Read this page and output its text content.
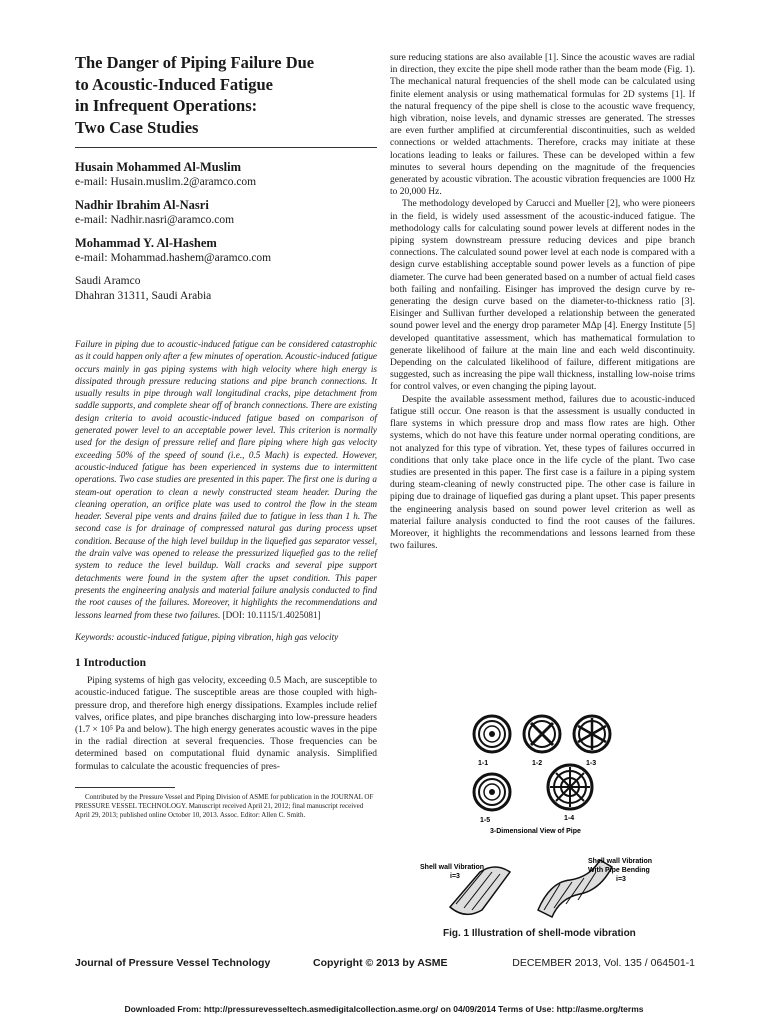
The Danger of Piping Failure Due
to Acoustic-Induced Fatigue
in Infrequent Operations:
Two Case Studies
Husain Mohammed Al-Muslim
e-mail: Husain.muslim.2@aramco.com
Nadhir Ibrahim Al-Nasri
e-mail: Nadhir.nasri@aramco.com
Mohammad Y. Al-Hashem
e-mail: Mohammad.hashem@aramco.com
Saudi Aramco
Dhahran 31311, Saudi Arabia

Failure in piping due to acoustic-induced fatigue can be considered catastrophic as it could happen only after a few minutes of operation. Acoustic-induced fatigue occurs mainly in gas piping systems with high velocity where high energy is dissipated through pressure reducing stations and pipe branch connections. It usually results in pipe through wall longitudinal cracks, pipe detachment from saddle supports, and complete shear off of branch connections. There are existing design criteria to avoid acoustic-induced fatigue based on comparison of generated power level to an acceptable power level. This criterion is normally used for the design of pressure relief and flare piping where high gas velocity exceeding 50% of the speed of sound (i.e., 0.5 Mach) is expected. However, acoustic-induced fatigue has been experienced in systems due to intermittent operations. Two case studies are presented in this paper. The first one is during a steam-out operation to clean a newly constructed steam header. During the cleaning operation, an orifice plate was used to control the flow in the steam header. Several pipe vents and drains failed due to fatigue in less than 1 h. The second case is for drainage of compressed natural gas during process upset condition. Because of the high level buildup in the liquefied gas separator vessel, the drain valve was opened to release the pressurized liquefied gas to the relief system to reduce the level buildup. Wall cracks and several pipe support detachments were found in the system after the upset condition. This paper presents the engineering analysis and material failure analysis conducted to find the root causes of the failures. Moreover, it highlights the recommendations and lessons learned from these two failures. [DOI: 10.1115/1.4025081]

Keywords: acoustic-induced fatigue, piping vibration, high gas velocity

1 Introduction

Piping systems of high gas velocity, exceeding 0.5 Mach, are susceptible to acoustic-induced fatigue. The susceptible areas are those coupled with high-pressure drop, and therefore high energy dissipations. Examples include relief valves, orifice plates, and pipe branches discharging into low-pressure headers (1.7 × 10⁵ Pa and below). The high energy generates acoustic waves in the pipe in the radial direction at several frequencies. Those frequencies can be determined based on computational fluid dynamic analysis. Simplified formulas to calculate the acoustic frequencies of pres-

Contributed by the Pressure Vessel and Piping Division of ASME for publication in the JOURNAL OF PRESSURE VESSEL TECHNOLOGY. Manuscript received April 21, 2012; final manuscript received April 29, 2013; published online October 10, 2013. Assoc. Editor: Allen C. Smith.

sure reducing stations are also available [1]. Since the acoustic waves are radial in direction, they excite the pipe shell mode rather than the beam mode (Fig. 1). The mechanical natural frequencies of the shell mode can be calculated using finite element analysis or using mathematical formulas for 2D systems [1]. If the natural frequency of the pipe shell is close to the acoustic wave frequency, high vibration, noise levels, and dynamic stresses are generated. The stresses are even further amplified at circumferential discontinuities, such as welded connections or welded attachments. Therefore, cracks may initiate at these locations leading to leaks or failures. These can be developed within a few minutes to several hours depending on the magnitude of the frequencies generated by acoustic vibration. The acoustic vibration frequencies are 1000 Hz to 20,000 Hz.

The methodology developed by Carucci and Mueller [2], who were pioneers in the field, is widely used assessment of the acoustic-induced fatigue. The methodology calls for calculating sound power levels at different nodes in the piping system downstream pressure reducing devices and pipe branch connections. The calculated sound power level at each node is compared with a design curve establishing acceptable sound power levels as a function of pipe diameter. The curve had been generated based on a number of actual field cases both failing and nonfailing. Eisinger has improved the design curve by re-generating the design curve based on the diameter-to-thickness ratio [3]. Eisinger and Sullivan further developed a relationship between the generated sound power level and the energy drop parameter MΔp [4]. Energy Institute [5] developed quantitative assessment, which has mathematical formulation to generate likelihood of failure at the main line and each weld discontinuity. Depending on the calculated likelihood of failure, different mitigations are suggested, such as increasing the pipe wall thickness, installing low-noise trims for control valves, or even changing the piping layout.

Despite the available assessment method, failures due to acoustic-induced fatigue still occur. One reason is that the assessment is usually conducted in flare systems in which pressure drop and mass flow rates are high. Other systems, which do not have this feature under normal operating conditions, are not analyzed for this type of vibration. Yet, these types of failures occurred in conditions that only take place once in the life cycle of the plant. Two case studies are presented in this paper. The first case is a failure in a piping system during steam-cleaning of newly constructed pipe. The other case is failure in piping due to drainage of liquefied gas during a plant upset. This paper presents the engineering analysis based on sound power level criterion as well as material failure analysis conducted to find the root causes of the failures. Moreover, it highlights the recommendations and lessons learned from these two failures.

1-1	1-2	1-3
1-5	1-4
3-Dimensional View of Pipe
Shell wall Vibration
i=3
Shell wall Vibration
With Pipe Bending
i=3
Fig. 1 Illustration of shell-mode vibration
Journal of Pressure Vessel Technology	Copyright © 2013 by ASME	DECEMBER 2013, Vol. 135 / 064501-1
Downloaded From: http://pressurevesseltech.asmedigitalcollection.asme.org/ on 04/09/2014 Terms of Use: http://asme.org/terms
